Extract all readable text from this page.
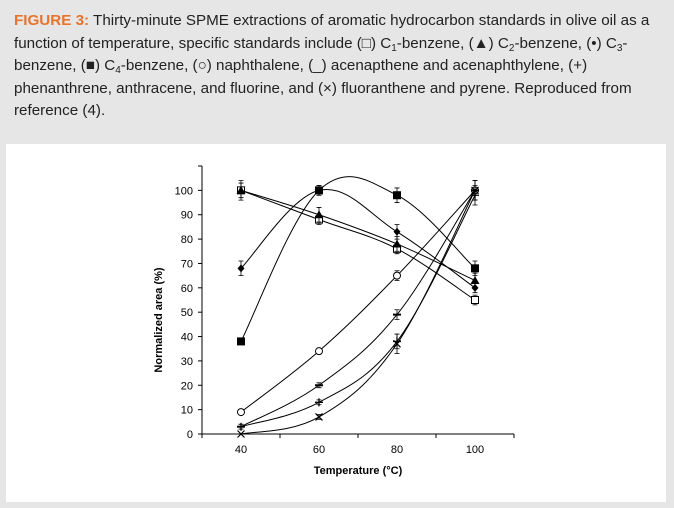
FIGURE 3: Thirty-minute SPME extractions of aromatic hydrocarbon standards in olive oil as a function of temperature, specific standards include (□) $C_1$-benzene, (▲) $C_2$-benzene, (•) $C_3$-benzene, (■) $C_4$-benzene, (○) naphthalene, (_) acenapthene and acenaphthylene, (+) phenanthrene, anthracene, and fluorine, and (×) fluoranthene and pyrene. Reproduced from reference (4).
0
10
20
30
40
50
60
70
80
90
100
40	60	80	100
Temperature (°C)
Normalized area (%)
